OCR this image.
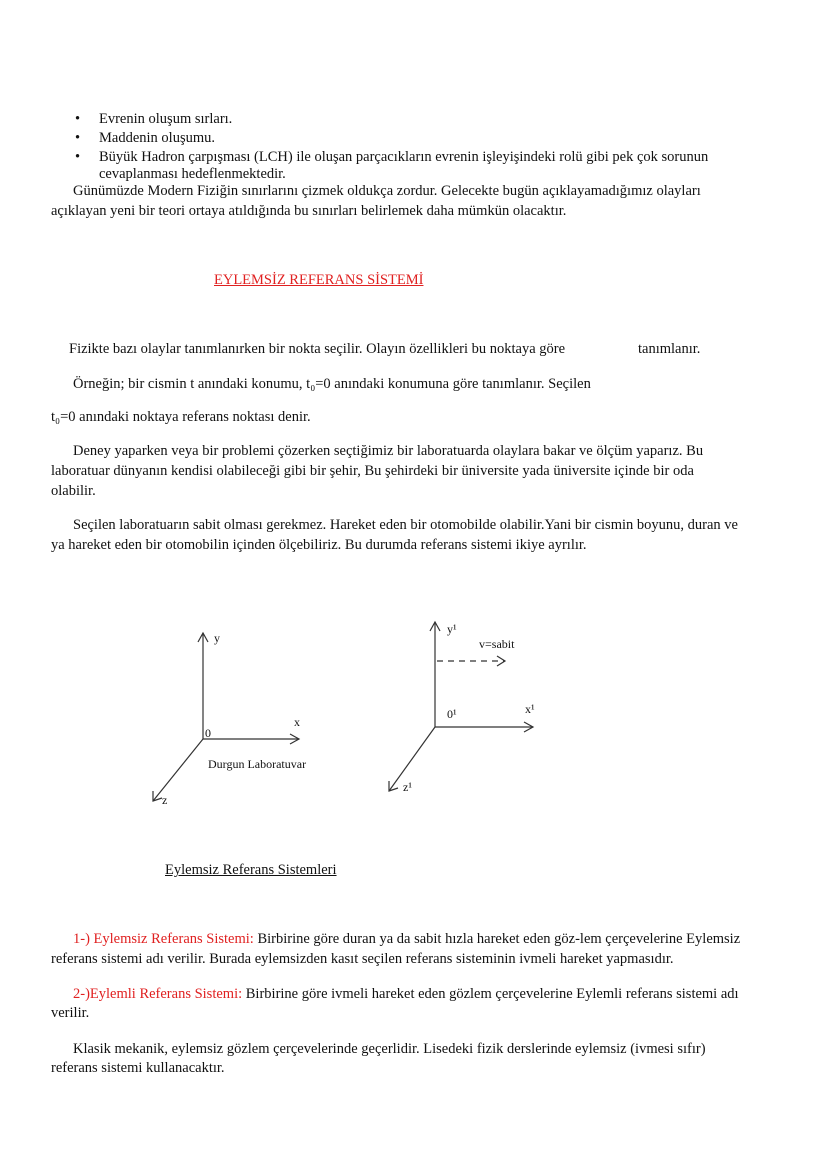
• Evrenin oluşum sırları.
• Maddenin oluşumu.
• Büyük Hadron çarpışması (LCH) ile oluşan parçacıkların evrenin işleyişindeki rolü gibi pek çok sorunun
cevaplanması hedeflenmektedir.
Günümüzde Modern Fiziğin sınırlarını çizmek oldukça zordur. Gelecekte bugün açıklayamadığımız olayları
açıklayan yeni bir teori ortaya atıldığında bu sınırları belirlemek daha mümkün olacaktır.
EYLEMSİZ REFERANS SİSTEMİ
Fizikte bazı olaylar tanımlanırken bir nokta seçilir. Olayın özellikleri bu noktaya göre	tanımlanır.
Örneğin; bir cismin t anındaki konumu, t₀=0 anındaki konumuna göre tanımlanır. Seçilen
t₀=0 anındaki noktaya referans noktası denir.
Deney yaparken veya bir problemi çözerken seçtiğimiz bir laboratuarda olaylara bakar ve ölçüm yaparız. Bu
laboratuar dünyanın kendisi olabileceği gibi bir şehir, Bu şehirdeki bir üniversite yada üniversite içinde bir oda
olabilir.
Seçilen laboratuarın sabit olması gerekmez. Hareket eden bir otomobilde olabilir.Yani bir cismin boyunu, duran ve
ya hareket eden bir otomobilin içinden ölçebiliriz. Bu durumda referans sistemi ikiye ayrılır.
y
x
0
z
Durgun Laboratuvar
y¹
v=sabit
0¹	x¹
z¹
Eylemsiz Referans Sistemleri
1-) Eylemsiz Referans Sistemi: Birbirine göre duran ya da sabit hızla hareket eden göz-lem çerçevelerine Eylemsiz
referans sistemi adı verilir. Burada eylemsizden kasıt seçilen referans sisteminin ivmeli hareket yapmasıdır.
2-)Eylemli Referans Sistemi: Birbirine göre ivmeli hareket eden gözlem çerçevelerine Eylemli referans sistemi adı
verilir.
Klasik mekanik, eylemsiz gözlem çerçevelerinde geçerlidir. Lisedeki fizik derslerinde eylemsiz (ivmesi sıfır)
referans sistemi kullanacaktır.
